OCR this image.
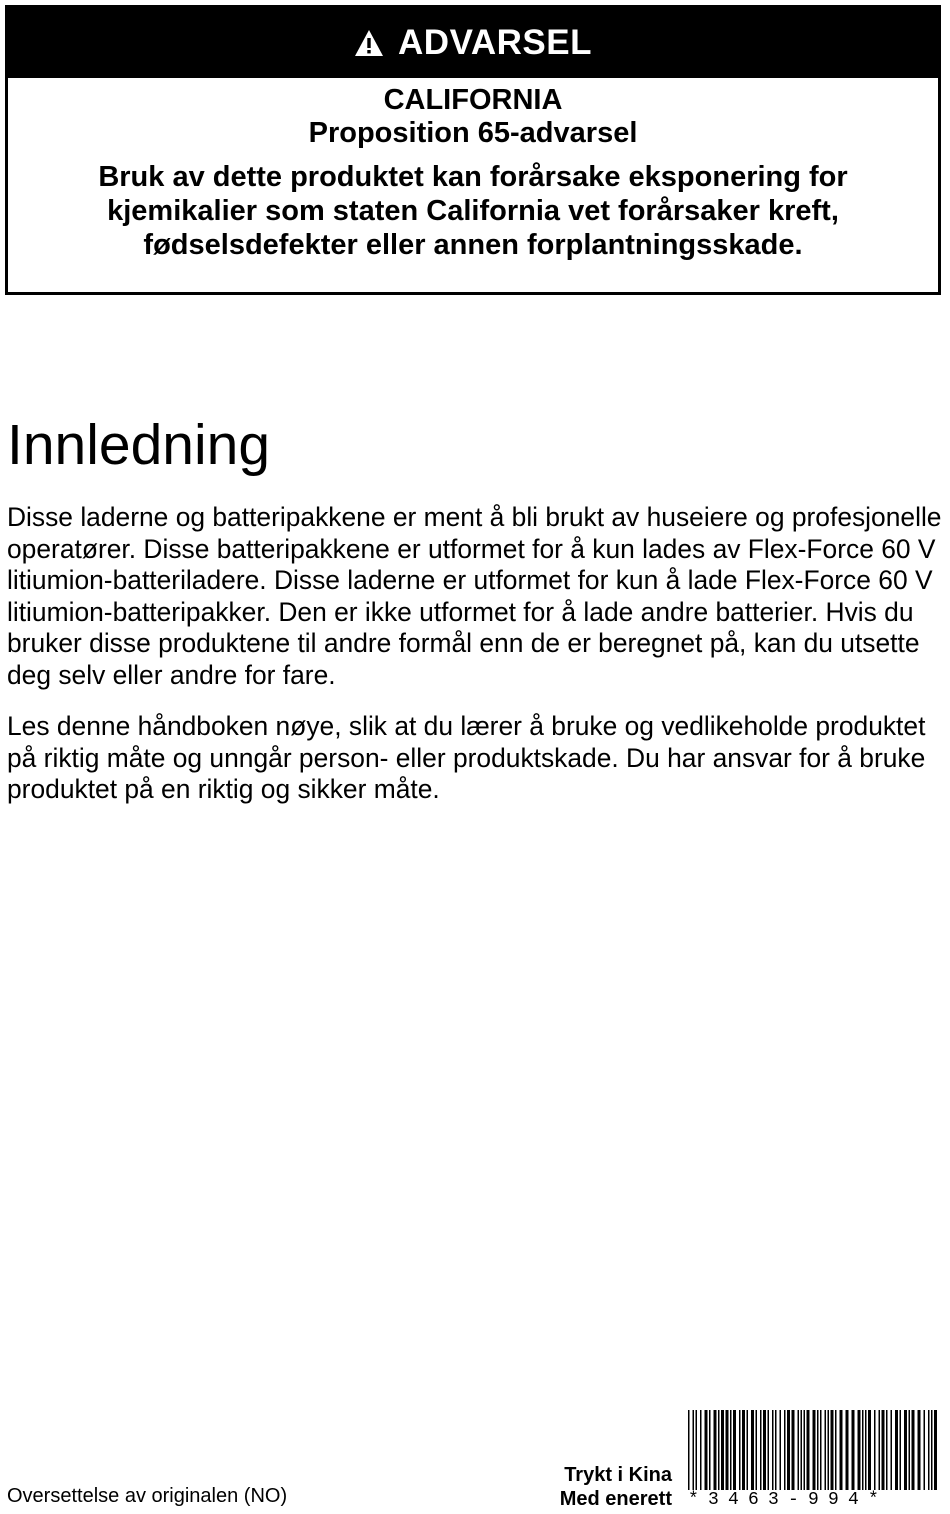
ADVARSEL
CALIFORNIA
Proposition 65-advarsel
Bruk av dette produktet kan forårsake eksponering for kjemikalier som staten California vet forårsaker kreft, fødselsdefekter eller annen forplantningsskade.
Innledning

Disse laderne og batteripakkene er ment å bli brukt av huseiere og profesjonelle operatører. Disse batteripakkene er utformet for å kun lades av Flex-Force 60 V litiumion-batteriladere. Disse laderne er utformet for kun å lade Flex-Force 60 V litiumion-batteripakker. Den er ikke utformet for å lade andre batterier. Hvis du bruker disse produktene til andre formål enn de er beregnet på, kan du utsette deg selv eller andre for fare.

Les denne håndboken nøye, slik at du lærer å bruke og vedlikeholde produktet på riktig måte og unngår person- eller produktskade. Du har ansvar for å bruke produktet på en riktig og sikker måte.

Oversettelse av originalen (NO)
Trykt i Kina
Med enerett *3463-994*
